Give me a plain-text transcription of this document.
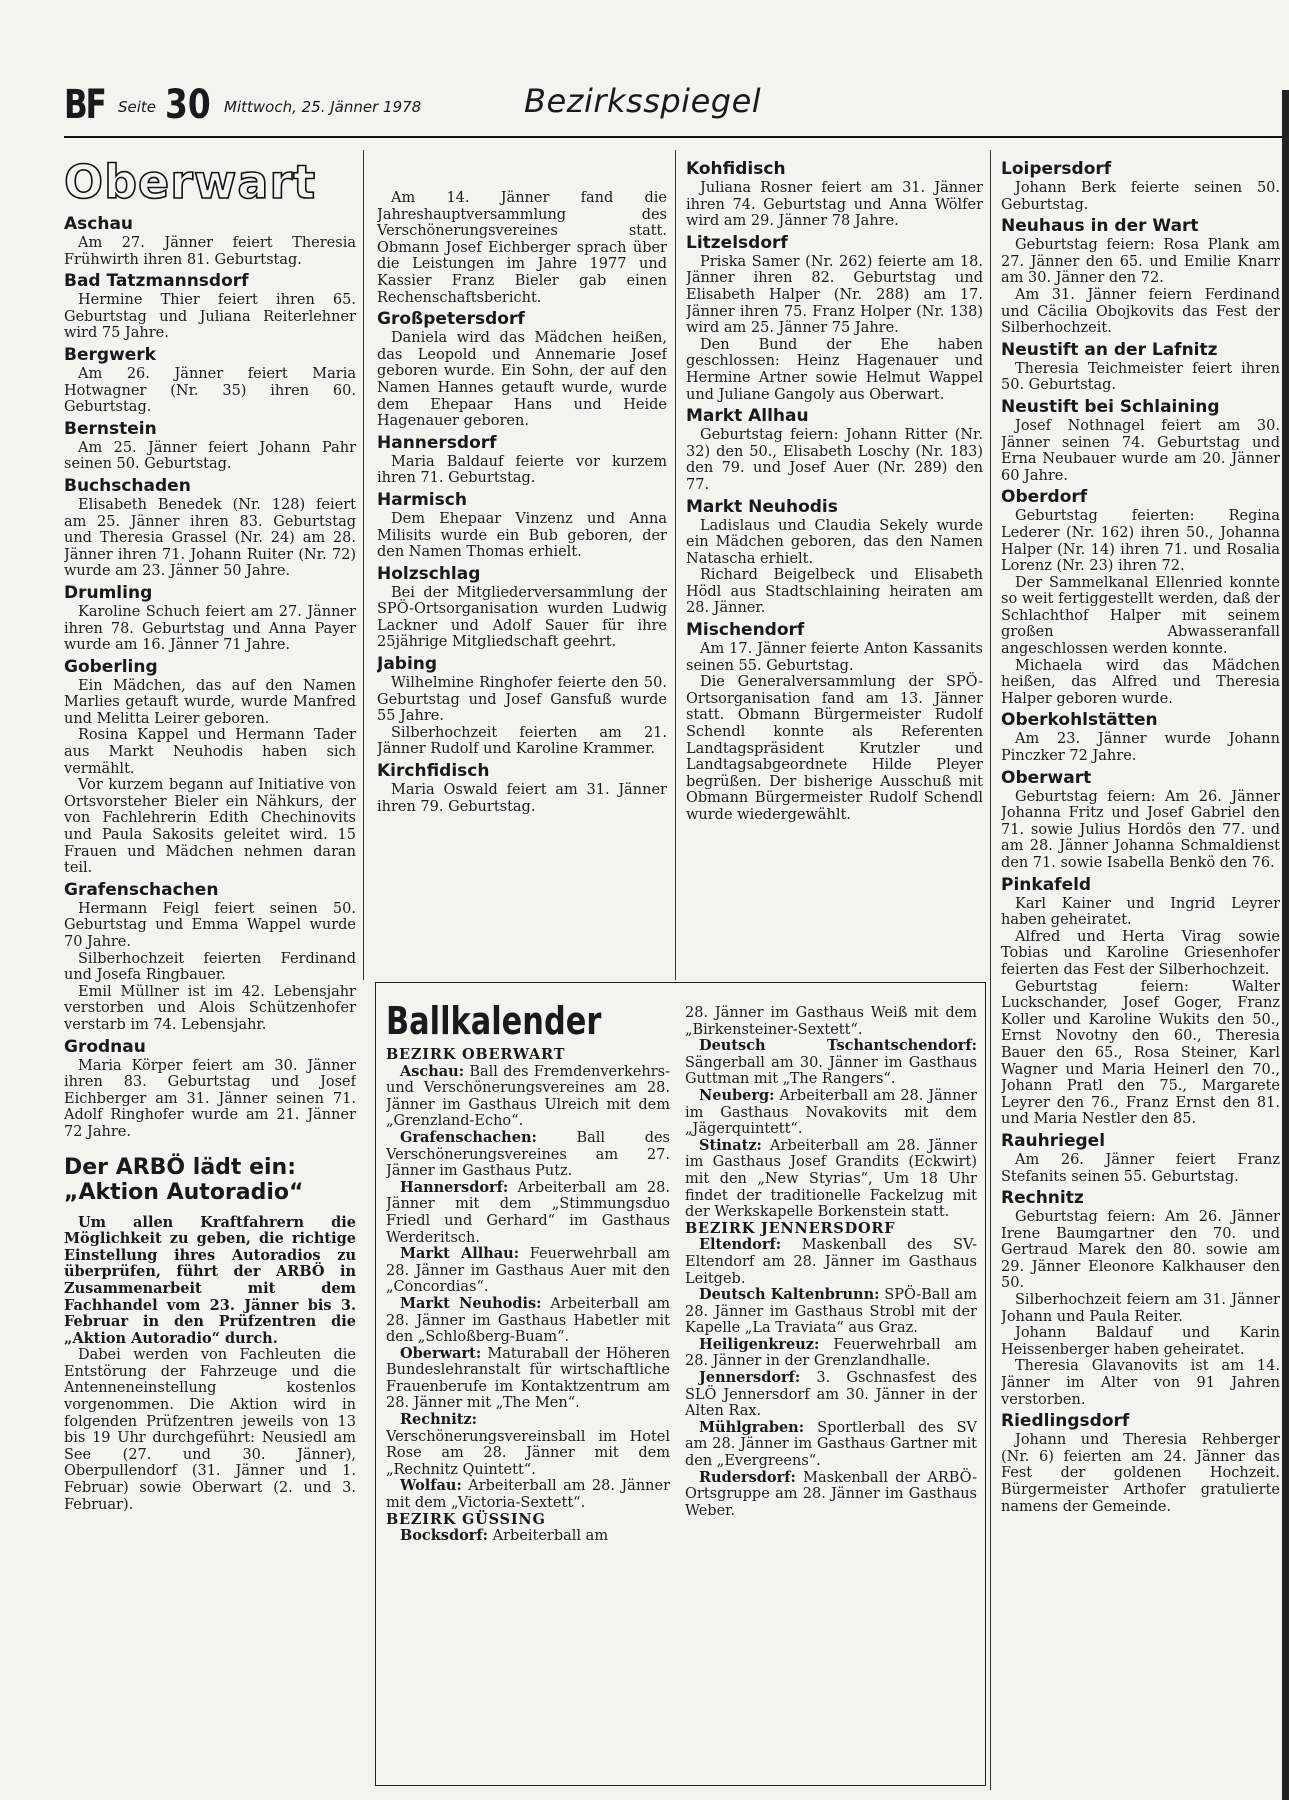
BF Seite 30 Mittwoch, 25. Jänner 1978	Bezirksspiegel
Oberwart
Aschau

Am 27. Jänner feiert Theresia Frühwirth ihren 81. Geburtstag.

Bad Tatzmannsdorf

Hermine Thier feiert ihren 65. Geburtstag und Juliana Reiterlehner wird 75 Jahre.

Bergwerk

Am 26. Jänner feiert Maria Hotwagner (Nr. 35) ihren 60. Geburtstag.

Bernstein

Am 25. Jänner feiert Johann Pahr seinen 50. Geburtstag.

Buchschaden

Elisabeth Benedek (Nr. 128) feiert am 25. Jänner ihren 83. Geburtstag und Theresia Grassel (Nr. 24) am 28. Jänner ihren 71. Johann Ruiter (Nr. 72) wurde am 23. Jänner 50 Jahre.

Drumling

Karoline Schuch feiert am 27. Jänner ihren 78. Geburtstag und Anna Payer wurde am 16. Jänner 71 Jahre.

Goberling

Ein Mädchen, das auf den Namen Marlies getauft wurde, wurde Manfred und Melitta Leirer geboren.

Rosina Kappel und Hermann Tader aus Markt Neuhodis haben sich vermählt.

Vor kurzem begann auf Initiative von Ortsvorsteher Bieler ein Nähkurs, der von Fachlehrerin Edith Chechinovits und Paula Sakosits geleitet wird. 15 Frauen und Mädchen nehmen daran teil.

Grafenschachen

Hermann Feigl feiert seinen 50. Geburtstag und Emma Wappel wurde 70 Jahre.

Silberhochzeit feierten Ferdinand und Josefa Ringbauer.

Emil Müllner ist im 42. Lebensjahr verstorben und Alois Schützenhofer verstarb im 74. Lebensjahr.

Grodnau

Maria Körper feiert am 30. Jänner ihren 83. Geburtstag und Josef Eichberger am 31. Jänner seinen 71. Adolf Ringhofer wurde am 21. Jänner 72 Jahre.

Der ARBÖ lädt ein: „Aktion Autoradio“

Um allen Kraftfahrern die Möglichkeit zu geben, die richtige Einstellung ihres Autoradios zu überprüfen, führt der ARBÖ in Zusammenarbeit mit dem Fachhandel vom 23. Jänner bis 3. Februar in den Prüfzentren die „Aktion Autoradio“ durch.

Dabei werden von Fachleuten die Entstörung der Fahrzeuge und die Antenneneinstellung kostenlos vorgenommen. Die Aktion wird in folgenden Prüfzentren jeweils von 13 bis 19 Uhr durchgeführt: Neusiedl am See (27. und 30. Jänner), Oberpullendorf (31. Jänner und 1. Februar) sowie Oberwart (2. und 3. Februar).

Am 14. Jänner fand die Jahreshauptversammlung des Verschönerungsvereines statt. Obmann Josef Eichberger sprach über die Leistungen im Jahre 1977 und Kassier Franz Bieler gab einen Rechenschaftsbericht.

Großpetersdorf

Daniela wird das Mädchen heißen, das Leopold und Annemarie Josef geboren wurde. Ein Sohn, der auf den Namen Hannes getauft wurde, wurde dem Ehepaar Hans und Heide Hagenauer geboren.

Hannersdorf

Maria Baldauf feierte vor kurzem ihren 71. Geburtstag.

Harmisch

Dem Ehepaar Vinzenz und Anna Milisits wurde ein Bub geboren, der den Namen Thomas erhielt.

Holzschlag

Bei der Mitgliederversammlung der SPÖ-Ortsorganisation wurden Ludwig Lackner und Adolf Sauer für ihre 25jährige Mitgliedschaft geehrt.

Jabing

Wilhelmine Ringhofer feierte den 50. Geburtstag und Josef Gansfuß wurde 55 Jahre.

Silberhochzeit feierten am 21. Jänner Rudolf und Karoline Krammer.

Kirchfidisch

Maria Oswald feiert am 31. Jänner ihren 79. Geburtstag.

Kohfidisch

Juliana Rosner feiert am 31. Jänner ihren 74. Geburtstag und Anna Wölfer wird am 29. Jänner 78 Jahre.

Litzelsdorf

Priska Samer (Nr. 262) feierte am 18. Jänner ihren 82. Geburtstag und Elisabeth Halper (Nr. 288) am 17. Jänner ihren 75. Franz Holper (Nr. 138) wird am 25. Jänner 75 Jahre.

Den Bund der Ehe haben geschlossen: Heinz Hagenauer und Hermine Artner sowie Helmut Wappel und Juliane Gangoly aus Oberwart.

Markt Allhau

Geburtstag feiern: Johann Ritter (Nr. 32) den 50., Elisabeth Loschy (Nr. 183) den 79. und Josef Auer (Nr. 289) den 77.

Markt Neuhodis

Ladislaus und Claudia Sekely wurde ein Mädchen geboren, das den Namen Natascha erhielt.

Richard Beigelbeck und Elisabeth Hödl aus Stadtschlaining heiraten am 28. Jänner.

Mischendorf

Am 17. Jänner feierte Anton Kassanits seinen 55. Geburtstag.

Die Generalversammlung der SPÖ-Ortsorganisation fand am 13. Jänner statt. Obmann Bürgermeister Rudolf Schendl konnte als Referenten Landtagspräsident Krutzler und Landtagsabgeordnete Hilde Pleyer begrüßen. Der bisherige Ausschuß mit Obmann Bürgermeister Rudolf Schendl wurde wiedergewählt.

Loipersdorf

Johann Berk feierte seinen 50. Geburtstag.

Neuhaus in der Wart

Geburtstag feiern: Rosa Plank am 27. Jänner den 65. und Emilie Knarr am 30. Jänner den 72.

Am 31. Jänner feiern Ferdinand und Cäcilia Obojkovits das Fest der Silberhochzeit.

Neustift an der Lafnitz

Theresia Teichmeister feiert ihren 50. Geburtstag.

Neustift bei Schlaining

Josef Nothnagel feiert am 30. Jänner seinen 74. Geburtstag und Erna Neubauer wurde am 20. Jänner 60 Jahre.

Oberdorf

Geburtstag feierten: Regina Lederer (Nr. 162) ihren 50., Johanna Halper (Nr. 14) ihren 71. und Rosalia Lorenz (Nr. 23) ihren 72.

Der Sammelkanal Ellenried konnte so weit fertiggestellt werden, daß der Schlachthof Halper mit seinem großen Abwasseranfall angeschlossen werden konnte.

Michaela wird das Mädchen heißen, das Alfred und Theresia Halper geboren wurde.

Oberkohlstätten

Am 23. Jänner wurde Johann Pinczker 72 Jahre.

Oberwart

Geburtstag feiern: Am 26. Jänner Johanna Fritz und Josef Gabriel den 71. sowie Julius Hordös den 77. und am 28. Jänner Johanna Schmaldienst den 71. sowie Isabella Benkö den 76.

Pinkafeld

Karl Kainer und Ingrid Leyrer haben geheiratet.

Alfred und Herta Virag sowie Tobias und Karoline Griesenhofer feierten das Fest der Silberhochzeit.

Geburtstag feiern: Walter Luckschander, Josef Goger, Franz Koller und Karoline Wukits den 50., Ernst Novotny den 60., Theresia Bauer den 65., Rosa Steiner, Karl Wagner und Maria Heinerl den 70., Johann Pratl den 75., Margarete Leyrer den 76., Franz Ernst den 81. und Maria Nestler den 85.

Rauhriegel

Am 26. Jänner feiert Franz Stefanits seinen 55. Geburtstag.

Rechnitz

Geburtstag feiern: Am 26. Jänner Irene Baumgartner den 70. und Gertraud Marek den 80. sowie am 29. Jänner Eleonore Kalkhauser den 50.

Silberhochzeit feiern am 31. Jänner Johann und Paula Reiter.

Johann Baldauf und Karin Heissenberger haben geheiratet.

Theresia Glavanovits ist am 14. Jänner im Alter von 91 Jahren verstorben.

Riedlingsdorf

Johann und Theresia Rehberger (Nr. 6) feierten am 24. Jänner das Fest der goldenen Hochzeit. Bürgermeister Arthofer gratulierte namens der Gemeinde.

Ballkalender

BEZIRK OBERWART

Aschau: Ball des Fremdenverkehrs- und Verschönerungsvereines am 28. Jänner im Gasthaus Ulreich mit dem „Grenzland-Echo“.

Grafenschachen:	Ball des Verschönerungsvereines am 27. Jänner im Gasthaus Putz.

Hannersdorf: Arbeiterball am 28. Jänner mit dem „Stimmungsduo Friedl und Gerhard“ im Gasthaus Werderitsch.

Markt Allhau: Feuerwehrball am 28. Jänner im Gasthaus Auer mit den „Concordias“.

Markt Neuhodis: Arbeiterball am 28. Jänner im Gasthaus Habetler mit den „Schloßberg-Buam“.

Oberwart: Maturaball der Höheren Bundeslehranstalt für wirtschaftliche Frauenberufe im Kontaktzentrum am 28. Jänner mit „The Men“.

Rechnitz: Verschönerungsvereinsball im Hotel Rose am 28. Jänner mit dem „Rechnitz Quintett“.

Wolfau: Arbeiterball am 28. Jänner mit dem „Victoria-Sextett“.

BEZIRK GÜSSING

Bocksdorf: Arbeiterball am

28. Jänner im Gasthaus Weiß mit dem „Birkensteiner-Sextett“.

Deutsch Tschantschendorf: Sängerball am 30. Jänner im Gasthaus Guttman mit „The Rangers“.

Neuberg: Arbeiterball am 28. Jänner im Gasthaus Novakovits mit dem „Jägerquintett“.

Stinatz: Arbeiterball am 28. Jänner im Gasthaus Josef Grandits (Eckwirt) mit den „New Styrias“, Um 18 Uhr findet der traditionelle Fackelzug mit der Werkskapelle Borkenstein statt.

BEZIRK JENNERSDORF

Eltendorf: Maskenball des SV-Eltendorf am 28. Jänner im Gasthaus Leitgeb.

Deutsch Kaltenbrunn: SPÖ-Ball am 28. Jänner im Gasthaus Strobl mit der Kapelle „La Traviata“ aus Graz.

Heiligenkreuz: Feuerwehrball am 28. Jänner in der Grenzlandhalle.

Jennersdorf: 3. Gschnasfest des SLÖ Jennersdorf am 30. Jänner in der Alten Rax.

Mühlgraben: Sportlerball des SV am 28. Jänner im Gasthaus Gartner mit den „Evergreens“.

Rudersdorf: Maskenball der ARBÖ-Ortsgruppe am 28. Jänner im Gasthaus Weber.
